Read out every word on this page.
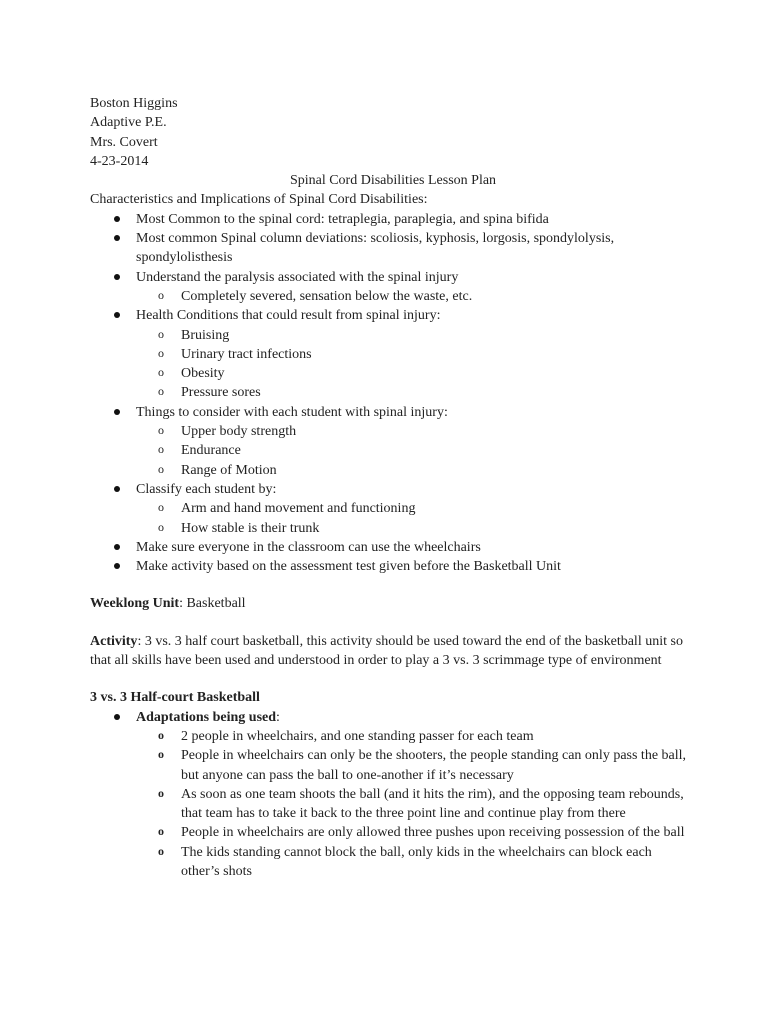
Boston Higgins
Adaptive P.E.
Mrs. Covert
4-23-2014
Spinal Cord Disabilities Lesson Plan
Characteristics and Implications of Spinal Cord Disabilities:
Most Common to the spinal cord: tetraplegia, paraplegia, and spina bifida
Most common Spinal column deviations: scoliosis, kyphosis, lorgosis, spondylolysis, spondylolisthesis
Understand the paralysis associated with the spinal injury
o Completely severed, sensation below the waste, etc.
Health Conditions that could result from spinal injury:
o Bruising
o Urinary tract infections
o Obesity
o Pressure sores
Things to consider with each student with spinal injury:
o Upper body strength
o Endurance
o Range of Motion
Classify each student by:
o Arm and hand movement and functioning
o How stable is their trunk
Make sure everyone in the classroom can use the wheelchairs
Make activity based on the assessment test given before the Basketball Unit
Weeklong Unit: Basketball
Activity: 3 vs. 3 half court basketball, this activity should be used toward the end of the basketball unit so that all skills have been used and understood in order to play a 3 vs. 3 scrimmage type of environment
3 vs. 3 Half-court Basketball
Adaptations being used:
o 2 people in wheelchairs, and one standing passer for each team
o People in wheelchairs can only be the shooters, the people standing can only pass the ball, but anyone can pass the ball to one-another if it’s necessary
o As soon as one team shoots the ball (and it hits the rim), and the opposing team rebounds, that team has to take it back to the three point line and continue play from there
o People in wheelchairs are only allowed three pushes upon receiving possession of the ball
o The kids standing cannot block the ball, only kids in the wheelchairs can block each other’s shots
